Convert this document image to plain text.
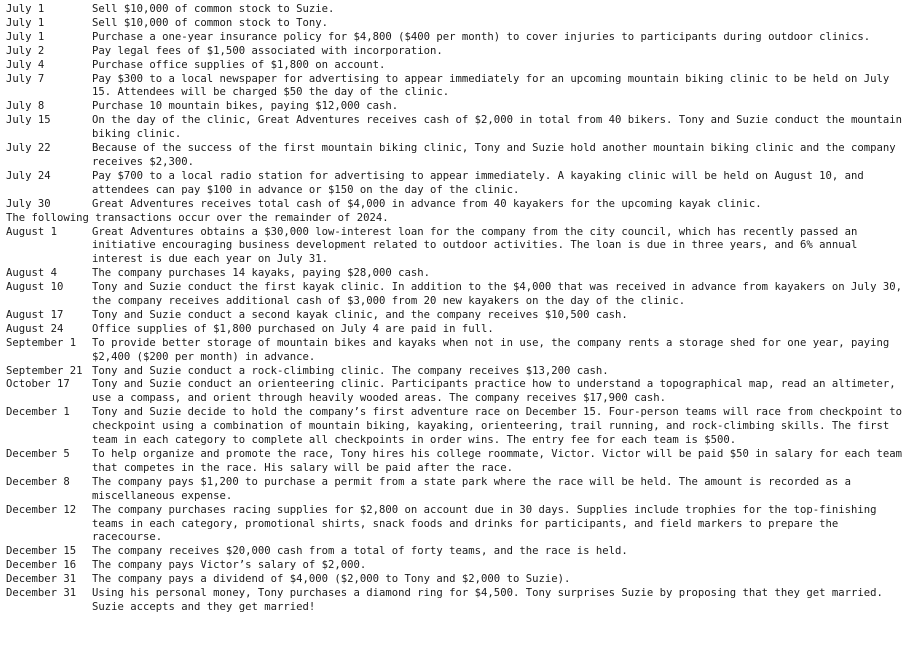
July 1	Sell $10,000 of common stock to Suzie.
July 1	Sell $10,000 of common stock to Tony.
July 1	Purchase a one-year insurance policy for $4,800 ($400 per month) to cover injuries to participants during outdoor clinics.
July 2	Pay legal fees of $1,500 associated with incorporation.
July 4	Purchase office supplies of $1,800 on account.
July 7	Pay $300 to a local newspaper for advertising to appear immediately for an upcoming mountain biking clinic to be held on July 15. Attendees will be charged $50 the day of the clinic.
July 8	Purchase 10 mountain bikes, paying $12,000 cash.
July 15	On the day of the clinic, Great Adventures receives cash of $2,000 in total from 40 bikers. Tony and Suzie conduct the mountain biking clinic.
July 22	Because of the success of the first mountain biking clinic, Tony and Suzie hold another mountain biking clinic and the company receives $2,300.
July 24	Pay $700 to a local radio station for advertising to appear immediately. A kayaking clinic will be held on August 10, and attendees can pay $100 in advance or $150 on the day of the clinic.
July 30	Great Adventures receives total cash of $4,000 in advance from 40 kayakers for the upcoming kayak clinic.
The following transactions occur over the remainder of 2024.
August 1	Great Adventures obtains a $30,000 low-interest loan for the company from the city council, which has recently passed an initiative encouraging business development related to outdoor activities. The loan is due in three years, and 6% annual interest is due each year on July 31.
August 4	The company purchases 14 kayaks, paying $28,000 cash.
August 10	Tony and Suzie conduct the first kayak clinic. In addition to the $4,000 that was received in advance from kayakers on July 30, the company receives additional cash of $3,000 from 20 new kayakers on the day of the clinic.
August 17	Tony and Suzie conduct a second kayak clinic, and the company receives $10,500 cash.
August 24	Office supplies of $1,800 purchased on July 4 are paid in full.
September 1	To provide better storage of mountain bikes and kayaks when not in use, the company rents a storage shed for one year, paying $2,400 ($200 per month) in advance.
September 21 Tony and Suzie conduct a rock-climbing clinic. The company receives $13,200 cash.
October 17	Tony and Suzie conduct an orienteering clinic. Participants practice how to understand a topographical map, read an altimeter, use a compass, and orient through heavily wooded areas. The company receives $17,900 cash.
December 1	Tony and Suzie decide to hold the company’s first adventure race on December 15. Four-person teams will race from checkpoint to checkpoint using a combination of mountain biking, kayaking, orienteering, trail running, and rock-climbing skills. The first team in each category to complete all checkpoints in order wins. The entry fee for each team is $500.
December 5	To help organize and promote the race, Tony hires his college roommate, Victor. Victor will be paid $50 in salary for each team that competes in the race. His salary will be paid after the race.
December 8	The company pays $1,200 to purchase a permit from a state park where the race will be held. The amount is recorded as a miscellaneous expense.
December 12	The company purchases racing supplies for $2,800 on account due in 30 days. Supplies include trophies for the top-finishing teams in each category, promotional shirts, snack foods and drinks for participants, and field markers to prepare the racecourse.
December 15	The company receives $20,000 cash from a total of forty teams, and the race is held.
December 16	The company pays Victor’s salary of $2,000.
December 31	The company pays a dividend of $4,000 ($2,000 to Tony and $2,000 to Suzie).
December 31	Using his personal money, Tony purchases a diamond ring for $4,500. Tony surprises Suzie by proposing that they get married. Suzie accepts and they get married!
